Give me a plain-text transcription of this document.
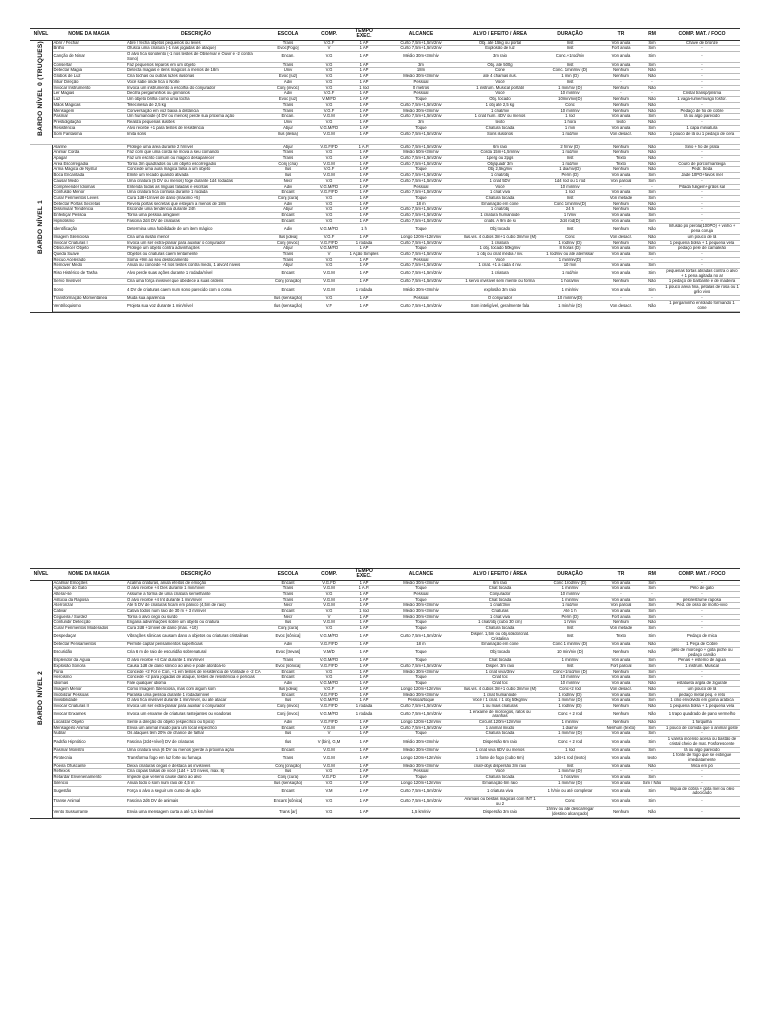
NÍVEL	NOME DA MAGIA	DESCRIÇÃO	ESCOLA	COMP.	TEMPO EXEC.	ALCANCE	ALVO / EFEITO / ÁREA	DURAÇÃO	TR	RM	COMP. MAT. / FOCO
BARDO NÍVEL 0 (TRUQUES)	Abrir / Fechar	Abre / fecha objetos pequenos ou leves	Trans	V.G.F	1 AP	Curto 7,5m+1,5m/2niv	Obj. até 15kg ou portal	Inst	Von anula	Sim	Chave de bronze
	Brilho	Ofusca uma criatura (-1 nas jogadas de ataque)	Evoc[Fogo]	V	1 AP	Curto 7,5m+1,5m/2niv	Explosão de luz	Inst	Fort anula	Sim	-
	Canção de Ninar	O alvo fica sonolento (-1 nos testes de Observar e Ouvir e -2 contra Sono)	Encan.	V.G	1 AP	Médio 30m+3m/niv	3m raio	Conc.+1rod/niv	Von anula	Sim	-
	Consertar	Faz pequenos reparos em um objeto	Trans	V.G	1 AP	3m	Obj. até 500g	Inst	Von anula	Sim	-
	Detectar Magia	Detecta magias e itens mágicos a menos de 18m	Univ	V.G	1 AP	18m	Cone	Conc. 1min/niv (D)	Nenhum	Não	-
	Globos de Luz	Cria tochas ou outras luzes ilusórias	Evoc [luz]	V.G	1 AP	Médio 30m+3m/niv	até 4 chamas ilus.	1 min (D)	Nenhum	Não	-
	Intuir Direção	Você sabe onde fica o Norte	Adiv	V.G	1 AP	Pessoal	Você	Inst	-	-	-
	Invocar Instrumento	Invoca um instrumento a escolha do conjurador	Conj (invoc)	V.G	1 rod	0 metros	1 instrum. Musical portátil	1 min/niv (D)	Nenhum	Não	-
	Ler Magias	Decifra pergaminhos ou grimórios	Adiv	V.G.F	1 AP	Pessoal	Você	10 min/niv	-	-	Cristal transp/prisma
	Luz	Um objeto brilha como uma tocha	Evoc [luz]	V.M/FD	1 AP	Toque	Obj. tocado	10min/niv(D)	Nenhum	Não	1 vaga-lume/musgo fosfor.
	Mãos Mágicas	Telecinésia de 2,5 kg	Trans	V.G	1 AP	Curto 7,5m+1,5m/2niv	1 obj até 2,5 kg	Conc	Nenhum	Não	-
	Mensagem	Conversação em voz baixa à distância	Trans	V.G.F	1 AP	Médio 30m+3m/niv	1 criat/niv	10 min/niv	Nenhum	Não	Pedaço de fio de cobre
	Pasmar	Um humanóide (4 DV ou menos) perde sua próxima ação	Encan.	V.G.M	1 AP	Curto 7,5m+1,5m/2niv	1 criat hum. 4DV ou menos	1 rod	Von anula	Sim	lã ou algo parecido
	Prestidigitação	Realiza pequenas ilusões	Univ	V.G	1 AP	3m	texto	1 hora	texto	Não	-
	Resistência	Alvo recebe +1 para testes de resistência	Abjur	V.G.M/FD	1 AP	Toque	Criatura tocada	1 min	Von anula	Sim	1 capa miniatura
	Som Fantasma	Imita sons	Ilus (ilésia)	V.G.M	1 AP	Curto 7,5m+1,5m/2niv	Sons ilusórios	1 rod/niv	Von desacr.	Não	1 pouco de lã ou 1 pedaço de cera

BARDO NÍVEL 1	Alarme	Protege uma área durante 2 h/nível	Abjur	V.G.F/FD	1 A.P.	Curto 7,5m+1,5m/2niv	6m raio	2 h/niv (D)	Nenhum	Não	Sino + fio de prata
	Animar Corda	Faz com que uma corda se mova a seu comando	Trans	V.G	1 AP	Médio 50m+3m/niv	Corda 15m+1,5m/niv	1 rod/niv	Nenhum	Não	-
	Apagar	Faz um escrito comum ou mágico desaparecer	Trans	V.G	1 AP	Curto 7,5m+1,5m/2niv	1perg ou 2pgs	Inst	Texto	Não	-
	Área Escorregadia	Torna 3m quadrados ou um objeto escorregadio	Conj (cria)	V.G.M	1 AP	Curto 7,5m+1,5m/2niv	Obj/quadr 3m	1 rod/niv	Texto	Não	Couro de porco/manteiga
	Arma Mágica de Nystul	Concede uma aura mágica falsa a um objeto	Ilus	V.G.F	1 AP	Toque	Obj 2,5kg/niv	1 dia/niv(D)	Nenhum	Não	Pedr. Seda
	Boca Encantada	Emite um recado quando ativada	Ilus	V.G.M	1 AP	Curto 7,5m+1,5m/2niv	1 criat/obj	Perm (D)	Von anula	Sim	Jade 10PO+favos mel
	Causar Medo	Uma criatura (5 DV ou menos) foge durante 1d4 rodadas	Necr	V.G	1 AP	Curto 7,5m+1,5m/2niv	1 criat 5DV	1d4 rod ou 1 rod	Von parcial	Sim	-
	Compreender Idiomas	Entenda todas as línguas faladas e escritas	Adiv	V.G.M/FD	1 AP	Pessoal	Você	10 min/niv	-	-	Pitada fuligem+grãos sal
	Confusão Menor	Uma criatura fica confusa durante 1 rodada	Encant	V.G.F/FD	1 AP	Curto 7,5m+1,5m/2niv	1 criat viva	1 rod	Von anula	Sim	-
	Curar Ferimentos Leves	Cura 1d8+1/nível de dano (máximo +5)	Conj [cura]	V.G	1 AP	Toque	Criatura tocada	Inst	Von metade	Sim	-
	Detectar Portas Secretas	Revela portas secretas que estejam a menos de 18m	Adiv	V.G	1 AP	18 m	Emanação em cone	Conc 1min/niv(D)	Nenhum	Não	-
	Dissimular Tendência	Esconde uma tendência durante 24h	Abjur	V.G	1 AP	Curto 7,5m+1,5m/2niv	1 criat/obj	24 h	Nenhum	Não	-
	Enfeitiçar Pessoa	Torna uma pessoa amigável	Encant	V.G	1 AP	Curto 7,5m+1,5m/2niv	1 criatura humanóide	1 h/niv	Von anula	Sim	-
	Hipnotismo	Fascina 2d4 DV de criaturas	Encant	V.G	1 AP	Curto 7,5m+1,5m/2niv	criats. A 9m de si	2d4 rod(D)	Von anula	Sim	-
	Identificação	Determina uma habilidade de um item mágico	Adiv	V.G.M/FD	1 h	Toque	Obj tocado	Inst	Nenhum	Não	Infusão pó pérola(100PO) + vinho + pena coruja
	Imagem Silenciosa	Cria uma ilusão menor	Ilus [ideia]	V.G.F	1 AP	Longo 120m+12m/niv	Ilus.vis. 4 cubos 3m+1 cubo 3m/niv (M)	Conc	Von desacr.	Não	um pouco de lã
	Invocar Criaturas I	Invoca um ser extra-planar para auxiliar o conjurador	Conj (invoc)	V.G.F/FD	1 rodada	Curto 7,5m+1,5m/2niv	1 criatura	1 rod/niv (D)	Nenhum	Não	1 pequena bolsa + 1 pequena vela
	Obscurecer Objeto	Protege um objeto contra adivinhações	Abjur	V.G.M/FD	1 AP	Toque	1 obj. tocado 50kg/niv	8 horas (D)	Von anula	Sim	pedaço pele de camaleão
	Queda Suave	Objetos ou criaturas caem lentamente	Trans	V	1 Ação Simples	Curto 7,5m+1,5m/2niv	1 obj ou criat média / niv.	1 rod/niv ou até aterrissar	Von anula	Sim	-
	Recuo Acelerado	Soma +9m ao seu deslocamento	Trans	V.G	1 AP	Pessoal	Você	1 min/niv(D)	-	-	-
	Remover Medo	Anula ou concede +4 nos testes contra medo, 1 alvo/4 níveis	Abjur	V.G	1 AP	Curto 7,5m+1,5m/2niv	1 criat. +1 a cada 4 niv.	10 min	Von anula	Sim	-
	Riso Histérico de Tasha	Alvo perde suas ações durante 1 rodada/nível	Encant	V.G.M	1 AP	Curto 7,5m+1,5m/2niv	1 criatura	1 rod/niv	Von anula	Sim	pequenas tortas atiradas contra o alvo + 1 pena agitada no ar
	Servo Invisível	Cria uma força invisível que obedece a suas ordens	Conj (criação)	V.G.M	1 AP	Curto 7,5m+1,5m/2niv	1 servo invisível sem mente ou forma	1 hora/niv	Nenhum	Não	1 pedaço de barbante e de madeira
	Sono	4 DV de criaturas caem num sono parecido com o coma	Encant	V.G.M	1 rodada	Médio 30m+3m/niv	explosão 3m raio	1 min/niv	Von anula	Sim	1 pouco areia fina, pétalas de rosa ou 1 grilo vivo
	Transformação Momentânea	Muda sua aparência	Ilus (sensação)	V.G	1 AP	Pessoal	O conjurador	10 min/niv(D)	-	-	-
	Ventriloquismo	Projeta sua voz durante 1 min/nível	Ilus (sensação)	V.F	1 AP	Curto 7,5m+1,5m/2niv	Som inteligível, geralmente fala	1 min/niv (D)	Von desacr.	Não	1 pergaminho enrolado formando 1 cone
NÍVEL	NOME DA MAGIA	DESCRIÇÃO	ESCOLA	COMP.	TEMPO EXEC.	ALCANCE	ALVO / EFEITO / ÁREA	DURAÇÃO	TR	RM	COMP. MAT. / FOCO
BARDO NÍVEL 2	Acalmar Emoções	Acalma criaturas, anula efeitos de emoção	Encant	V.G.FD	1 AP	Médio 30m+3m/niv	6m raio	Conc 1rod/niv (D)	Von anula	Sim	-
	Agilidade do Gato	O alvo recebe +4 Des durante 1 min/nível	Trans	V.G.M	1 A.P.	Toque	Criat tocada	1 min/niv	Von anula	Sim	Pêlo de gato
	Alterar-se	Assume a forma de uma criatura semelhante	Trans	V.G	1 AP	Pessoal	Conjurador	10 min/niv	-	-	-
	Astúcia da Raposa	O alvo recebe +4 Int durante 1 min/nível	Trans	V.G.M	1 AP	Toque	Criat tocada	1 min/niv	Von anula	Sim	pêlo/estrume raposa
	Aterrorizar	Até 5 DV de criaturas ficam em pânico (4,5m de raio)	Necr	V.G.M	1 AP	Médio 30m+3m/niv	1 criat/3niv	1 rod/niv	Von parcial	Sim	Ped. de osso de morto-vivo
	Cativar	Cativa todos num raio de 30 m + 3 m/nível	Encant	V.G	1 rod	Médio 30m+3m/niv	Criaturas	Até 1 h	Von anula	Sim	-
	Cegueira / Surdez	Torna o alvo cego ou surdo	Necr	V	1 AP	Médio 30m+3m/niv	1 criat viva	Perm (D)	Fort anula	Sim	-
	Contundir Detecção	Engana adivinhações sobre um objeto ou criatura	Ilus	V.G.M	1 AP	Toque	1 criat/obj (cubo 30 cm)	1 h/niv	Nenhum	Não	-
	Curar Ferimentos Moderados	Cura 2d8 +1/nível de dano (máx. +10)	Conj [cura]	V.G	1 AP	Toque	Criatura tocada	Inst	Von metade	Sim	-
	Despedaçar	Vibrações sônicas causam dano a objetos ou criaturas cristalinas	Evoc [sônica]	V.G.M/FD	1 AP	Curto 7,5m+1,5m/2niv	Disper. 1,5m ou obj.sólido/criat. Cristalina	Inst	Texto	Sim	Pedaço de mica
	Detectar Pensamentos	Permite captar pensamentos superficiais	Adiv	V.G.F/FD	1 AP	18 m	Emanação em cone	Conc 1 min/niv (D)	Von anula	Não	1 Peça de Cobre
	Escuridão	Cria 6 m de raio de escuridão sobrenatural	Evoc [trevas]	V.M/D	1 AP	Toque	Obj tocado	10 min/niv (D)	Nenhum	Não	pêlo de morcego + gota piche ou pedaço carvão
	Esplendor da Águia	O alvo recebe +4 Car durante 1 min/nível	Trans	V.G.M/FD	1 AP	Toque	Criat tocada	1 min/niv	Von anula	Sim	Penas + estemo de águia
	Explosão Sonora	Causa 1d8 de dano sônico ao alvo e pode atordoá-lo	Evoc [sônica]	V.G.F/FD	1 AP	Curto 7,5m+1,5m/2niv	Disper. 3m raio	Inst	Fort parcial	Sim	1 instrum. Musical
	Fúria	Concede +2 For e Con, +1 em testes de resistência de Vontade e -2 CA	Encant	V.G	1 AP	Médio 30m+3m/niv	1 criat viva/3niv	Conc+1rod/niv (D)	Nenhum	Sim	-
	Heroísmo	Concede +2 para jogadas de ataque, testes de resistência e perícias	Encant	V.G	1 AP	Toque	Criat toc	10 min/niv	Von anula	Sim	-
	Idiomas	Fale qualquer idioma	Adiv	V.G.M/FD	1 AP	Toque	Criat toc	10 min/niv	Von anula	Não	estatueta argila de zigurate
	Imagem Menor	Como Imagem Silenciosa, mas com algum som	Ilus [ideia]	V.G.F	1 AP	Longo 120m+12m/niv	Ilus.vis. 4 cubos 3m+1 cubo 3m/niv (M)	Conc+2 rod	Von desacr.	Não	um pouco de lã
	Imobilizar Pessoas	Paralisa uma pessoa durante 1 rodada/nível	Encant	V.G.F/FD	1 AP	Médio 30m+3m/niv	1 criat humanóide	1 rod/niv (D)	Von anula	Sim	pedaço metal peq. e reto
	Invisibilidade	O alvo fica invisível durante 1 min/nível, ou até atacar	Ilus	V.G.M/FD	1 AP	Pessoal/toque	Você / 1 criat. / 1 obj 50kg/niv	1 min/niv (D)	Von anula	Sim	1 cílio envolvido em goma arábica
	Invocar Criaturas II	Invoca um ser extra-planar para auxiliar o conjurador	Conj (invoc)	V.G.F/FD	1 rodada	Curto 7,5m+1,5m/2niv	1 ou mais criaturas	1 rod/niv (D)	Nenhum	Não	1 pequena bolsa + 1 pequena vela
	Invocar Enxames	Invoca um enxame de criaturas rastejantes ou voadoras	Conj (invoc)	V.G.M/FD	1 rodada	Curto 7,5m+1,5m/2niv	1 enxame de morcegos, ratos ou aranhas	Conc + 2 rod	Nenhum	Não	1 trapo quadrado de pano vermelho
	Localizar Objeto	Sente a direção do objeto (específico ou típico)	Adiv	V.G.F/FD	1 AP	Longo 120m+12m/niv	Circunf.120m+12m/niv	1 min/niv	Nenhum	Não	1 forquilha
	Mensageiro Animal	Envia um animal miúdo para um local específico	Encant	V.G.M	1 AP	Curto 7,5m+1,5m/2niv	1 animal miúdo	1 dia/niv	Nenhum (texto)	Sim	1 pouco de comida que o animal goste
	Nublar	Os ataques têm 20% de chance de falhar	Ilus	V	1 AP	Toque	Criatura tocada	1 min/niv (D)	Von anula	Sim	-
	Padrão Hipnótico	Fascina (2d4+nível) DV de criaturas	Ilus	V (bin), G,M	1 AP	Médio 30m+3m/niv	Dispersão 6m raio	Conc + 2 rod	Von anula	Sim	1 vareta incenso acesa ou bastão de cristal cheio de mat. Fosforescente
	Pasmar Monstro	Uma criatura viva (6 DV ou menos )perde a próxima ação	Encant	V.G.M	1 AP	Médio 30m+3m/niv	1 criat viva 6DV ou menos	1 rod	Von anula	Sim	lã ou algo parecido
	Pirotecnia	Transforma fogo em luz forte ou fumaça	Trans	V.G.M	1 AP	Longo 120m+12m/niv	1 fonte de fogo (cubo 6m)	1d4+1 rod (texto)	Von anula	texto	1 fonte de fogo que se extingue imediatamente
	Poeira Ofuscante	Deixa criaturas cegas e destaca as invisíveis	Conj [criação]	V.G.M	1 AP	Médio 30m+3m/niv	criat+objs dispersão 3m raio	Inst	Von anula	Não	Mica em pó
	Reflexos	Cria cópias falsas de você (1d4 + 1/3 níveis, máx. 8)	Ilus	V.G	1 AP	Pessoal	Você	1 min/niv (D)	-	-	-
	Retardar Envenenamento	Impede que veneno cause dano ao alvo	Conj (cura)	V.G.FD	1 AP	Toque	Criatura tocada	1 hora/niv	Von anula	Sim	-
	Silêncio	Anula todo o som num raio de 4,5 m	Ilus (sensação)	V.G	1 AP	Longo 120m+12m/niv	Emanação 6m raio	1 min/niv (D)	Von anula	Sim / Não	-
	Sugestão	Força o alvo a seguir um curso de ação	Encant	V.M	1 AP	Curto 7,5m+1,5m/2niv	1 criatura viva	1 h/niv ou até completar	Von anula	Sim	língua de cobra + gota mel ou óleo adocicado
	Transe Animal	Fascina 2d6 DV de animais	Encant [sônica]	V.G	1 AP	Curto 7,5m+1,5m/2niv	Animais ou bestas mágicas com INT 1 ou 2	Conc	Von anula	Sim	-
	Vento Sussurrante	Envia uma mensagem curta a até 1,5 km/nível	Trans [ar]	V.G	1 AP	1,5 km/niv	Dispersão 3m raio	1h/niv ou até descarregar (destino alcançado)	Nenhum	Não	-
